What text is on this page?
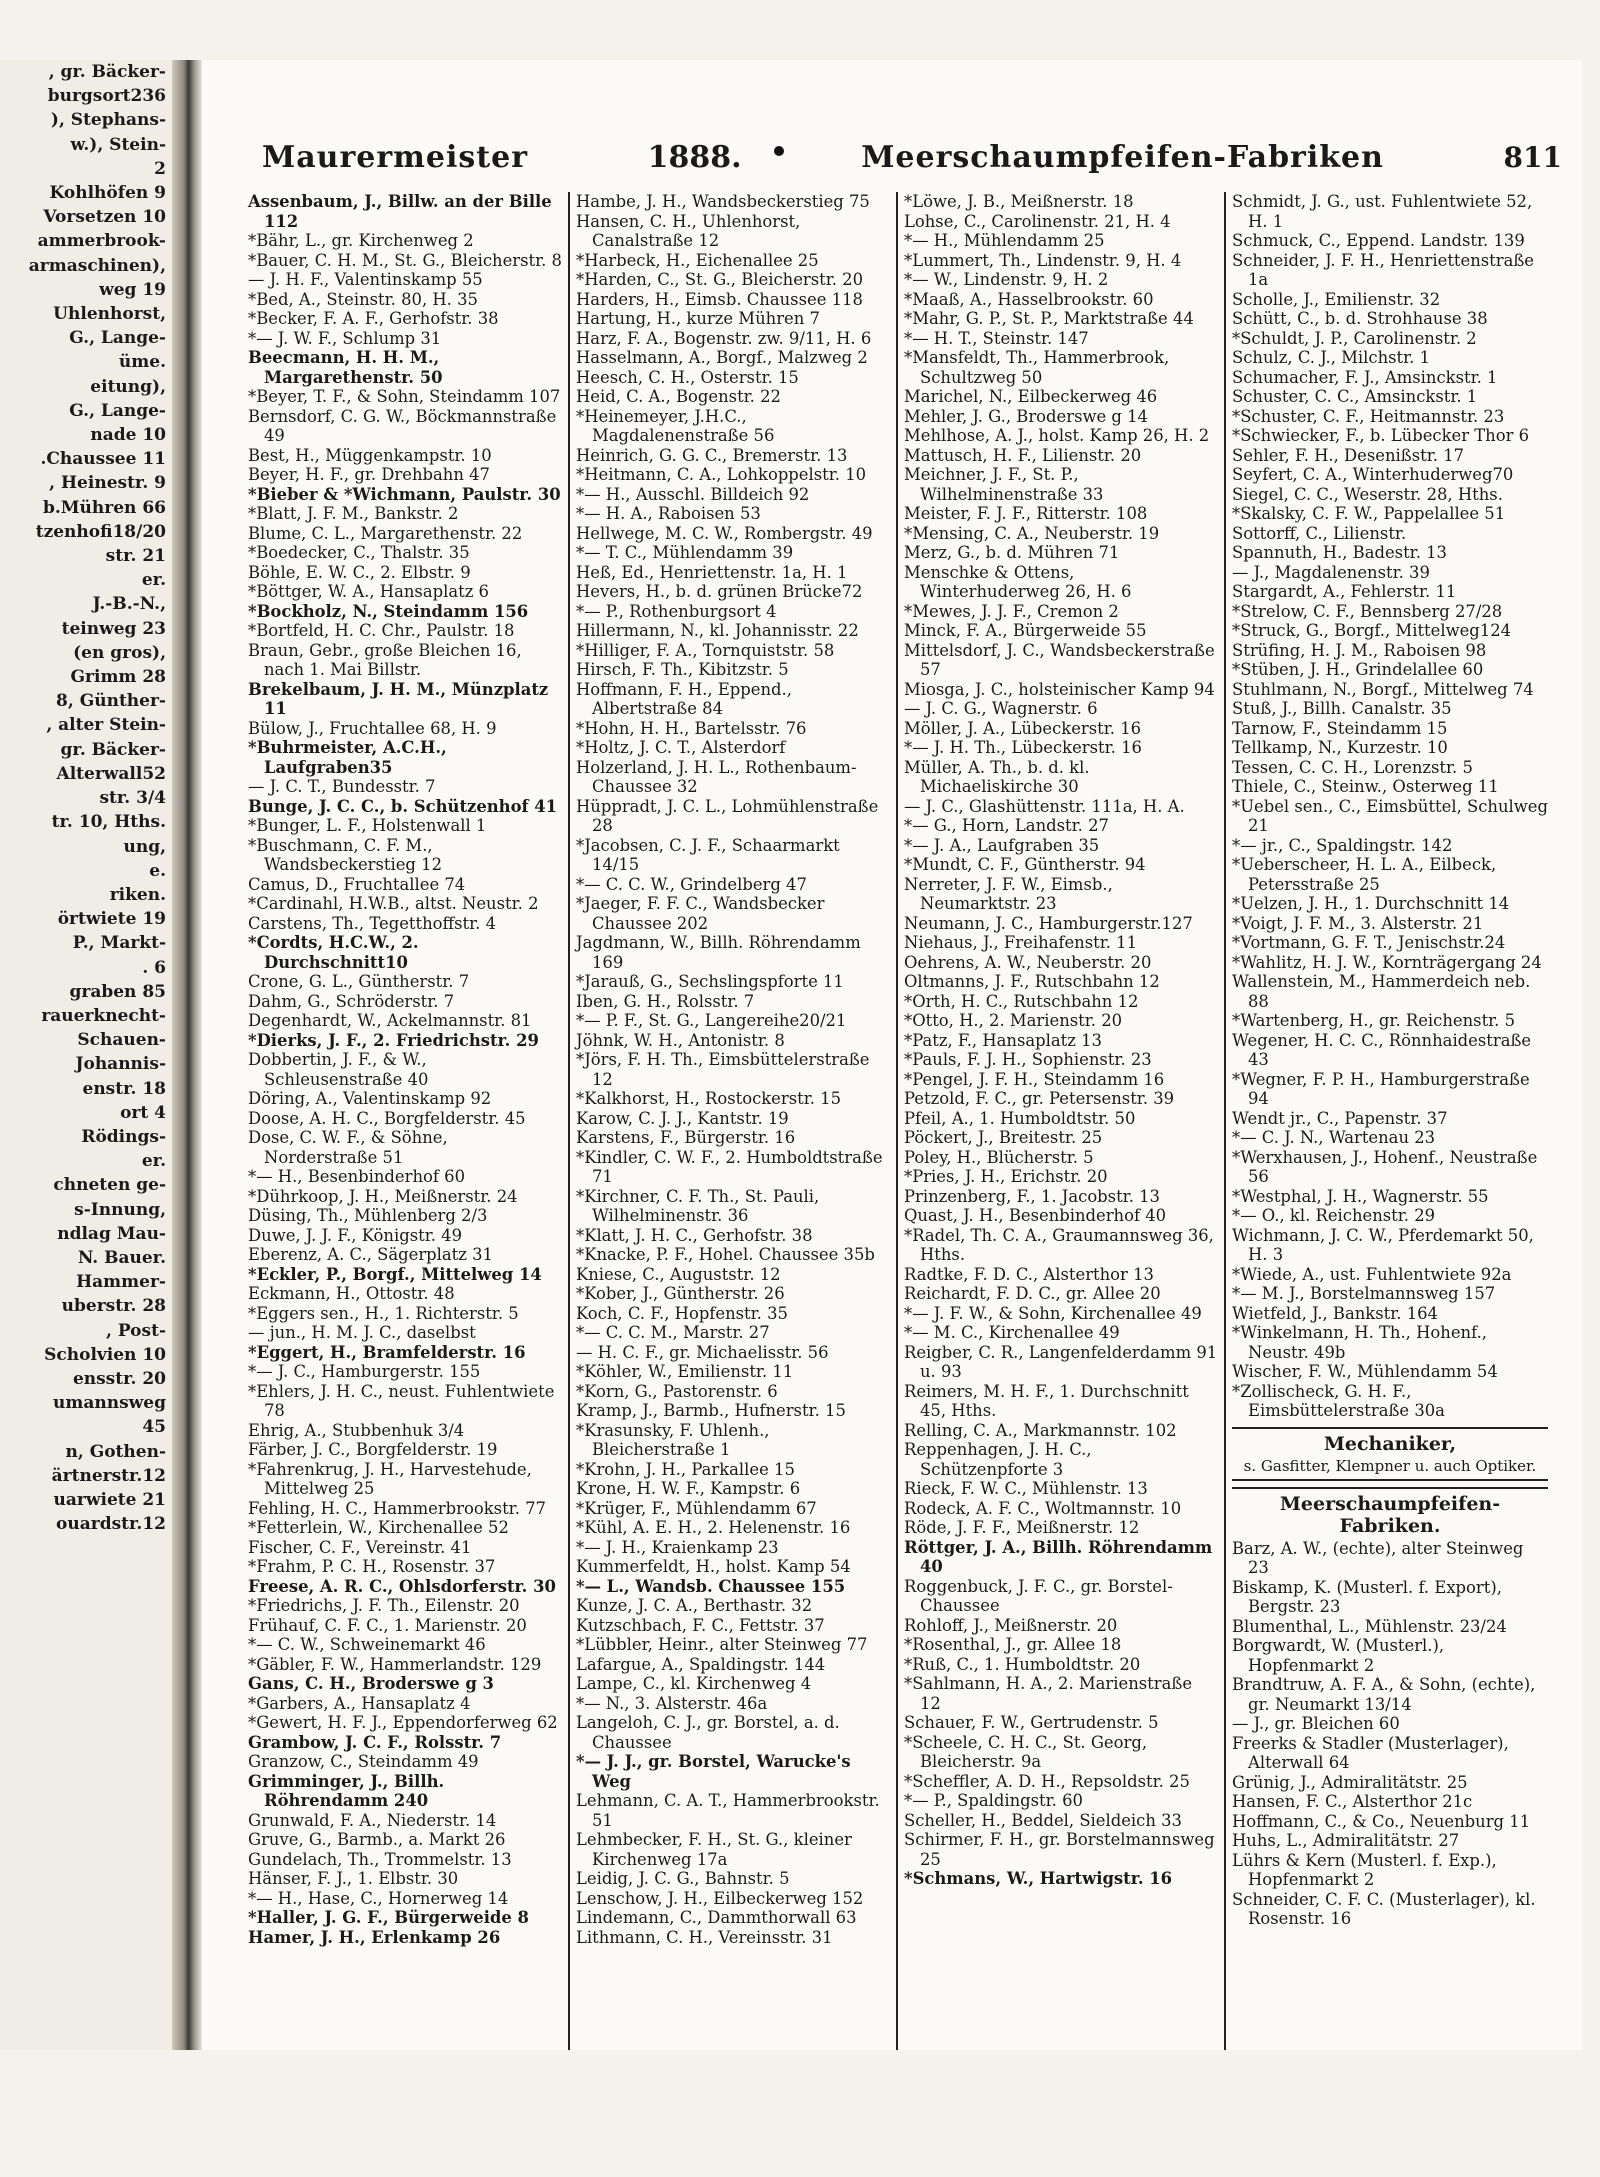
, gr. Bäcker-
burgsort236
), Stephans-
w.), Stein-
2
Kohlhöfen 9
Vorsetzen 10
ammerbrook-
armaschinen),
weg 19
Uhlenhorst,
G., Lange-
üme.
eitung),
G., Lange-
nade 10
.Chaussee 11
, Heinestr. 9
b.Mühren 66
tzenhofi18/20
str. 21
er.
J.-B.-N.,
teinweg 23
(en gros),
Grimm 28
8, Günther-
, alter Stein-
gr. Bäcker-
Alterwall52
str. 3/4
tr. 10, Hths.
ung,
e.
riken.
örtwiete 19
P., Markt-
. 6
graben 85
rauerknecht-
Schauen-
Johannis-
enstr. 18
ort 4
Rödings-
er.
chneten ge-
s-Innung,
ndlag Mau-
N. Bauer.
Hammer-
uberstr. 28
, Post-
Scholvien 10
ensstr. 20
umannsweg
45
n, Gothen-
ärtnerstr.12
uarwiete 21
ouardstr.12
Maurermeister	1888.	Meerschaumpfeifen-Fabriken	811

Assenbaum, J., Billw. an der Bille 112

*Bähr, L., gr. Kirchenweg 2

*Bauer, C. H. M., St. G., Bleicherstr. 8

— J. H. F., Valentinskamp 55

*Bed, A., Steinstr. 80, H. 35

*Becker, F. A. F., Gerhofstr. 38

*— J. W. F., Schlump 31

Beecmann, H. H. M., Margarethenstr. 50

*Beyer, T. F., & Sohn, Steindamm 107

Bernsdorf, C. G. W., Böckmannstraße 49

Best, H., Müggenkampstr. 10

Beyer, H. F., gr. Drehbahn 47

*Bieber & *Wichmann, Paulstr. 30

*Blatt, J. F. M., Bankstr. 2

Blume, C. L., Margarethenstr. 22

*Boedecker, C., Thalstr. 35

Böhle, E. W. C., 2. Elbstr. 9

*Böttger, W. A., Hansaplatz 6

*Bockholz, N., Steindamm 156

*Bortfeld, H. C. Chr., Paulstr. 18

Braun, Gebr., große Bleichen 16, nach 1. Mai Billstr.

Brekelbaum, J. H. M., Münzplatz 11

Bülow, J., Fruchtallee 68, H. 9

*Buhrmeister, A.C.H., Laufgraben35

— J. C. T., Bundesstr. 7

Bunge, J. C. C., b. Schützenhof 41

*Bunger, L. F., Holstenwall 1

*Buschmann, C. F. M., Wandsbeckerstieg 12

Camus, D., Fruchtallee 74

*Cardinahl, H.W.B., altst. Neustr. 2

Carstens, Th., Tegetthoffstr. 4

*Cordts, H.C.W., 2. Durchschnitt10

Crone, G. L., Güntherstr. 7

Dahm, G., Schröderstr. 7

Degenhardt, W., Ackelmannstr. 81

*Dierks, J. F., 2. Friedrichstr. 29

Dobbertin, J. F., & W., Schleusenstraße 40

Döring, A., Valentinskamp 92

Doose, A. H. C., Borgfelderstr. 45

Dose, C. W. F., & Söhne, Norderstraße 51

*— H., Besenbinderhof 60

*Dührkoop, J. H., Meißnerstr. 24

Düsing, Th., Mühlenberg 2/3

Duwe, J. J. F., Königstr. 49

Eberenz, A. C., Sägerplatz 31

*Eckler, P., Borgf., Mittelweg 14

Eckmann, H., Ottostr. 48

*Eggers sen., H., 1. Richterstr. 5

— jun., H. M. J. C., daselbst

*Eggert, H., Bramfelderstr. 16

*— J. C., Hamburgerstr. 155

*Ehlers, J. H. C., neust. Fuhlentwiete 78

Ehrig, A., Stubbenhuk 3/4

Färber, J. C., Borgfelderstr. 19

*Fahrenkrug, J. H., Harvestehude, Mittelweg 25

Fehling, H. C., Hammerbrookstr. 77

*Fetterlein, W., Kirchenallee 52

Fischer, C. F., Vereinstr. 41

*Frahm, P. C. H., Rosenstr. 37

Freese, A. R. C., Ohlsdorferstr. 30

*Friedrichs, J. F. Th., Eilenstr. 20

Frühauf, C. F. C., 1. Marienstr. 20

*— C. W., Schweinemarkt 46

*Gäbler, F. W., Hammerlandstr. 129

Gans, C. H., Broderswe g 3

*Garbers, A., Hansaplatz 4

*Gewert, H. F. J., Eppendorferweg 62

Grambow, J. C. F., Rolsstr. 7

Granzow, C., Steindamm 49

Grimminger, J., Billh. Röhrendamm 240

Grunwald, F. A., Niederstr. 14

Gruve, G., Barmb., a. Markt 26

Gundelach, Th., Trommelstr. 13

Hänser, F. J., 1. Elbstr. 30

*— H., Hase, C., Hornerweg 14

*Haller, J. G. F., Bürgerweide 8

Hamer, J. H., Erlenkamp 26

Hambe, J. H., Wandsbeckerstieg 75

Hansen, C. H., Uhlenhorst, Canalstraße 12

*Harbeck, H., Eichenallee 25

*Harden, C., St. G., Bleicherstr. 20

Harders, H., Eimsb. Chaussee 118

Hartung, H., kurze Mühren 7

Harz, F. A., Bogenstr. zw. 9/11, H. 6

Hasselmann, A., Borgf., Malzweg 2

Heesch, C. H., Osterstr. 15

Heid, C. A., Bogenstr. 22

*Heinemeyer, J.H.C., Magdalenenstraße 56

Heinrich, G. G. C., Bremerstr. 13

*Heitmann, C. A., Lohkoppelstr. 10

*— H., Ausschl. Billdeich 92

*— H. A., Raboisen 53

Hellwege, M. C. W., Rombergstr. 49

*— T. C., Mühlendamm 39

Heß, Ed., Henriettenstr. 1a, H. 1

Hevers, H., b. d. grünen Brücke72

*— P., Rothenburgsort 4

Hillermann, N., kl. Johannisstr. 22

*Hilliger, F. A., Tornquiststr. 58

Hirsch, F. Th., Kibitzstr. 5

Hoffmann, F. H., Eppend., Albertstraße 84

*Hohn, H. H., Bartelsstr. 76

*Holtz, J. C. T., Alsterdorf

Holzerland, J. H. L., Rothenbaum-Chaussee 32

Hüppradt, J. C. L., Lohmühlenstraße 28

*Jacobsen, C. J. F., Schaarmarkt 14/15

*— C. C. W., Grindelberg 47

*Jaeger, F. F. C., Wandsbecker Chaussee 202

Jagdmann, W., Billh. Röhrendamm 169

*Jarauß, G., Sechslingspforte 11

Iben, G. H., Rolsstr. 7

*— P. F., St. G., Langereihe20/21

Jöhnk, W. H., Antonistr. 8

*Jörs, F. H. Th., Eimsbüttelerstraße 12

*Kalkhorst, H., Rostockerstr. 15

Karow, C. J. J., Kantstr. 19

Karstens, F., Bürgerstr. 16

*Kindler, C. W. F., 2. Humboldtstraße 71

*Kirchner, C. F. Th., St. Pauli, Wilhelminenstr. 36

*Klatt, J. H. C., Gerhofstr. 38

*Knacke, P. F., Hohel. Chaussee 35b

Kniese, C., Auguststr. 12

*Kober, J., Güntherstr. 26

Koch, C. F., Hopfenstr. 35

*— C. C. M., Marstr. 27

— H. C. F., gr. Michaelisstr. 56

*Köhler, W., Emilienstr. 11

*Korn, G., Pastorenstr. 6

Kramp, J., Barmb., Hufnerstr. 15

*Krasunsky, F. Uhlenh., Bleicherstraße 1

*Krohn, J. H., Parkallee 15

Krone, H. W. F., Kampstr. 6

*Krüger, F., Mühlendamm 67

*Kühl, A. E. H., 2. Helenenstr. 16

*— J. H., Kraienkamp 23

Kummerfeldt, H., holst. Kamp 54

*— L., Wandsb. Chaussee 155

Kunze, J. C. A., Berthastr. 32

Kutzschbach, F. C., Fettstr. 37

*Lübbler, Heinr., alter Steinweg 77

Lafargue, A., Spaldingstr. 144

Lampe, C., kl. Kirchenweg 4

*— N., 3. Alsterstr. 46a

Langeloh, C. J., gr. Borstel, a. d. Chaussee

*— J. J., gr. Borstel, Warucke's Weg

Lehmann, C. A. T., Hammerbrookstr. 51

Lehmbecker, F. H., St. G., kleiner Kirchenweg 17a

Leidig, J. C. G., Bahnstr. 5

Lenschow, J. H., Eilbeckerweg 152

Lindemann, C., Dammthorwall 63

Lithmann, C. H., Vereinsstr. 31

*Löwe, J. B., Meißnerstr. 18

Lohse, C., Carolinenstr. 21, H. 4

*— H., Mühlendamm 25

*Lummert, Th., Lindenstr. 9, H. 4

*— W., Lindenstr. 9, H. 2

*Maaß, A., Hasselbrookstr. 60

*Mahr, G. P., St. P., Marktstraße 44

*— H. T., Steinstr. 147

*Mansfeldt, Th., Hammerbrook, Schultzweg 50

Marichel, N., Eilbeckerweg 46

Mehler, J. G., Broderswe g 14

Mehlhose, A. J., holst. Kamp 26, H. 2

Mattusch, H. F., Lilienstr. 20

Meichner, J. F., St. P., Wilhelminenstraße 33

Meister, F. J. F., Ritterstr. 108

*Mensing, C. A., Neuberstr. 19

Merz, G., b. d. Mühren 71

Menschke & Ottens, Winterhuderweg 26, H. 6

*Mewes, J. J. F., Cremon 2

Minck, F. A., Bürgerweide 55

Mittelsdorf, J. C., Wandsbeckerstraße 57

Miosga, J. C., holsteinischer Kamp 94

— J. C. G., Wagnerstr. 6

Möller, J. A., Lübeckerstr. 16

*— J. H. Th., Lübeckerstr. 16

Müller, A. Th., b. d. kl. Michaeliskirche 30

— J. C., Glashüttenstr. 111a, H. A.

*— G., Horn, Landstr. 27

*— J. A., Laufgraben 35

*Mundt, C. F., Güntherstr. 94

Nerreter, J. F. W., Eimsb., Neumarktstr. 23

Neumann, J. C., Hamburgerstr.127

Niehaus, J., Freihafenstr. 11

Oehrens, A. W., Neuberstr. 20

Oltmanns, J. F., Rutschbahn 12

*Orth, H. C., Rutschbahn 12

*Otto, H., 2. Marienstr. 20

*Patz, F., Hansaplatz 13

*Pauls, F. J. H., Sophienstr. 23

*Pengel, J. F. H., Steindamm 16

Petzold, F. C., gr. Petersenstr. 39

Pfeil, A., 1. Humboldtstr. 50

Pöckert, J., Breitestr. 25

Poley, H., Blücherstr. 5

*Pries, J. H., Erichstr. 20

Prinzenberg, F., 1. Jacobstr. 13

Quast, J. H., Besenbinderhof 40

*Radel, Th. C. A., Graumannsweg 36, Hths.

Radtke, F. D. C., Alsterthor 13

Reichardt, F. D. C., gr. Allee 20

*— J. F. W., & Sohn, Kirchenallee 49

*— M. C., Kirchenallee 49

Reigber, C. R., Langenfelderdamm 91 u. 93

Reimers, M. H. F., 1. Durchschnitt 45, Hths.

Relling, C. A., Markmannstr. 102

Reppenhagen, J. H. C., Schützenpforte 3

Rieck, F. W. C., Mühlenstr. 13

Rodeck, A. F. C., Woltmannstr. 10

Röde, J. F. F., Meißnerstr. 12

Röttger, J. A., Billh. Röhrendamm 40

Roggenbuck, J. F. C., gr. Borstel-Chaussee

Rohloff, J., Meißnerstr. 20

*Rosenthal, J., gr. Allee 18

*Ruß, C., 1. Humboldtstr. 20

*Sahlmann, H. A., 2. Marienstraße 12

Schauer, F. W., Gertrudenstr. 5

*Scheele, C. H. C., St. Georg, Bleicherstr. 9a

*Scheffler, A. D. H., Repsoldstr. 25

*— P., Spaldingstr. 60

Scheller, H., Beddel, Sieldeich 33

Schirmer, F. H., gr. Borstelmannsweg 25

*Schmans, W., Hartwigstr. 16

Schmidt, J. G., ust. Fuhlentwiete 52, H. 1

Schmuck, C., Eppend. Landstr. 139

Schneider, J. F. H., Henriettenstraße 1a

Scholle, J., Emilienstr. 32

Schütt, C., b. d. Strohhause 38

*Schuldt, J. P., Carolinenstr. 2

Schulz, C. J., Milchstr. 1

Schumacher, F. J., Amsinckstr. 1

Schuster, C. C., Amsinckstr. 1

*Schuster, C. F., Heitmannstr. 23

*Schwiecker, F., b. Lübecker Thor 6

Sehler, F. H., Desenißstr. 17

Seyfert, C. A., Winterhuderweg70

Siegel, C. C., Weserstr. 28, Hths.

*Skalsky, C. F. W., Pappelallee 51

Sottorff, C., Lilienstr.

Spannuth, H., Badestr. 13

— J., Magdalenenstr. 39

Stargardt, A., Fehlerstr. 11

*Strelow, C. F., Bennsberg 27/28

*Struck, G., Borgf., Mittelweg124

Strüfing, H. J. M., Raboisen 98

*Stüben, J. H., Grindelallee 60

Stuhlmann, N., Borgf., Mittelweg 74

Stuß, J., Billh. Canalstr. 35

Tarnow, F., Steindamm 15

Tellkamp, N., Kurzestr. 10

Tessen, C. C. H., Lorenzstr. 5

Thiele, C., Steinw., Osterweg 11

*Uebel sen., C., Eimsbüttel, Schulweg 21

*— jr., C., Spaldingstr. 142

*Ueberscheer, H. L. A., Eilbeck, Petersstraße 25

*Uelzen, J. H., 1. Durchschnitt 14

*Voigt, J. F. M., 3. Alsterstr. 21

*Vortmann, G. F. T., Jenischstr.24

*Wahlitz, H. J. W., Kornträgergang 24

Wallenstein, M., Hammerdeich neb. 88

*Wartenberg, H., gr. Reichenstr. 5

Wegener, H. C. C., Rönnhaidestraße 43

*Wegner, F. P. H., Hamburgerstraße 94

Wendt jr., C., Papenstr. 37

*— C. J. N., Wartenau 23

*Werxhausen, J., Hohenf., Neustraße 56

*Westphal, J. H., Wagnerstr. 55

*— O., kl. Reichenstr. 29

Wichmann, J. C. W., Pferdemarkt 50, H. 3

*Wiede, A., ust. Fuhlentwiete 92a

*— M. J., Borstelmannsweg 157

Wietfeld, J., Bankstr. 164

*Winkelmann, H. Th., Hohenf., Neustr. 49b

Wischer, F. W., Mühlendamm 54

*Zollischeck, G. H. F., Eimsbüttelerstraße 30a

Mechaniker,
s. Gasfitter, Klempner u. auch Optiker.
Meerschaumpfeifen-Fabriken.

Barz, A. W., (echte), alter Steinweg 23

Biskamp, K. (Musterl. f. Export), Bergstr. 23

Blumenthal, L., Mühlenstr. 23/24

Borgwardt, W. (Musterl.), Hopfenmarkt 2

Brandtruw, A. F. A., & Sohn, (echte), gr. Neumarkt 13/14

— J., gr. Bleichen 60

Freerks & Stadler (Musterlager), Alterwall 64

Grünig, J., Admiralitätstr. 25

Hansen, F. C., Alsterthor 21c

Hoffmann, C., & Co., Neuenburg 11

Huhs, L., Admiralitätstr. 27

Lührs & Kern (Musterl. f. Exp.), Hopfenmarkt 2

Schneider, C. F. C. (Musterlager), kl. Rosenstr. 16
